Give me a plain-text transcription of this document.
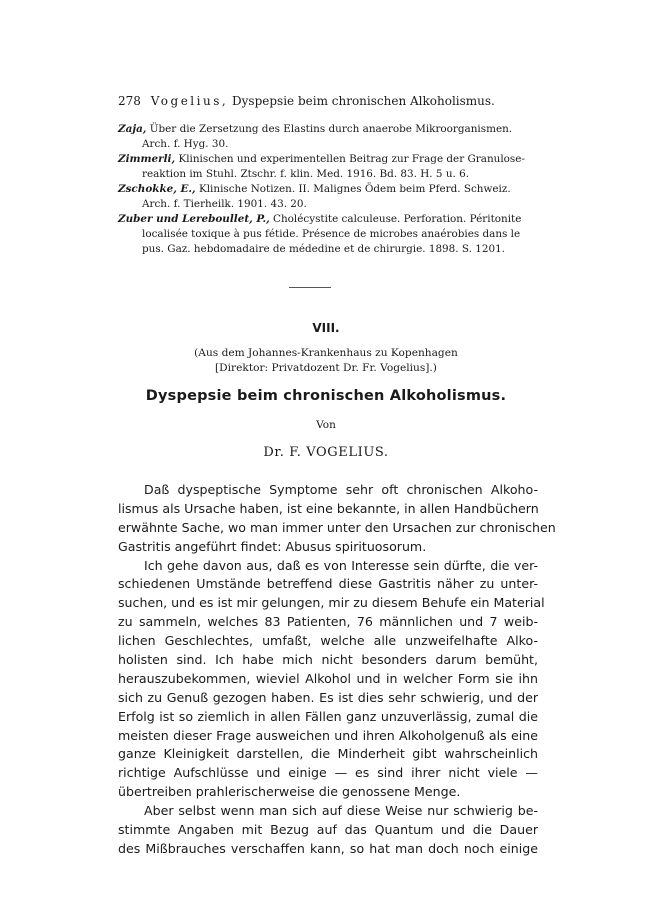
278 Vogelius, Dyspepsie beim chronischen Alkoholismus.
Zaja, Über die Zersetzung des Elastins durch anaerobe Mikroorganismen.
Arch. f. Hyg. 30.
Zimmerli, Klinischen und experimentellen Beitrag zur Frage der Granulose-
reaktion im Stuhl. Ztschr. f. klin. Med. 1916. Bd. 83. H. 5 u. 6.
Zschokke, E., Klinische Notizen. II. Malignes Ödem beim Pferd. Schweiz.
Arch. f. Tierheilk. 1901. 43. 20.
Zuber und Lereboullet, P., Cholécystite calculeuse. Perforation. Péritonite
localisée toxique à pus fétide. Présence de microbes anaérobies dans le
pus. Gaz. hebdomadaire de médedine et de chirurgie. 1898. S. 1201.
VIII.
(Aus dem Johannes-Krankenhaus zu Kopenhagen
[Direktor: Privatdozent Dr. Fr. Vogelius].)
Dyspepsie beim chronischen Alkoholismus.
Von
Dr. F. VOGELIUS.
Daß dyspeptische Symptome sehr oft chronischen Alkoho-
lismus als Ursache haben, ist eine bekannte, in allen Handbüchern
erwähnte Sache, wo man immer unter den Ursachen zur chronischen
Gastritis angeführt findet: Abusus spirituosorum.
Ich gehe davon aus, daß es von Interesse sein dürfte, die ver-
schiedenen Umstände betreffend diese Gastritis näher zu unter-
suchen, und es ist mir gelungen, mir zu diesem Behufe ein Material
zu sammeln, welches 83 Patienten, 76 männlichen und 7 weib-
lichen Geschlechtes, umfaßt, welche alle unzweifelhafte Alko-
holisten sind. Ich habe mich nicht besonders darum bemüht,
herauszubekommen, wieviel Alkohol und in welcher Form sie ihn
sich zu Genuß gezogen haben. Es ist dies sehr schwierig, und der
Erfolg ist so ziemlich in allen Fällen ganz unzuverlässig, zumal die
meisten dieser Frage ausweichen und ihren Alkoholgenuß als eine
ganze Kleinigkeit darstellen, die Minderheit gibt wahrscheinlich
richtige Aufschlüsse und einige — es sind ihrer nicht viele —
übertreiben prahlerischerweise die genossene Menge.
Aber selbst wenn man sich auf diese Weise nur schwierig be-
stimmte Angaben mit Bezug auf das Quantum und die Dauer
des Mißbrauches verschaffen kann, so hat man doch noch einige
